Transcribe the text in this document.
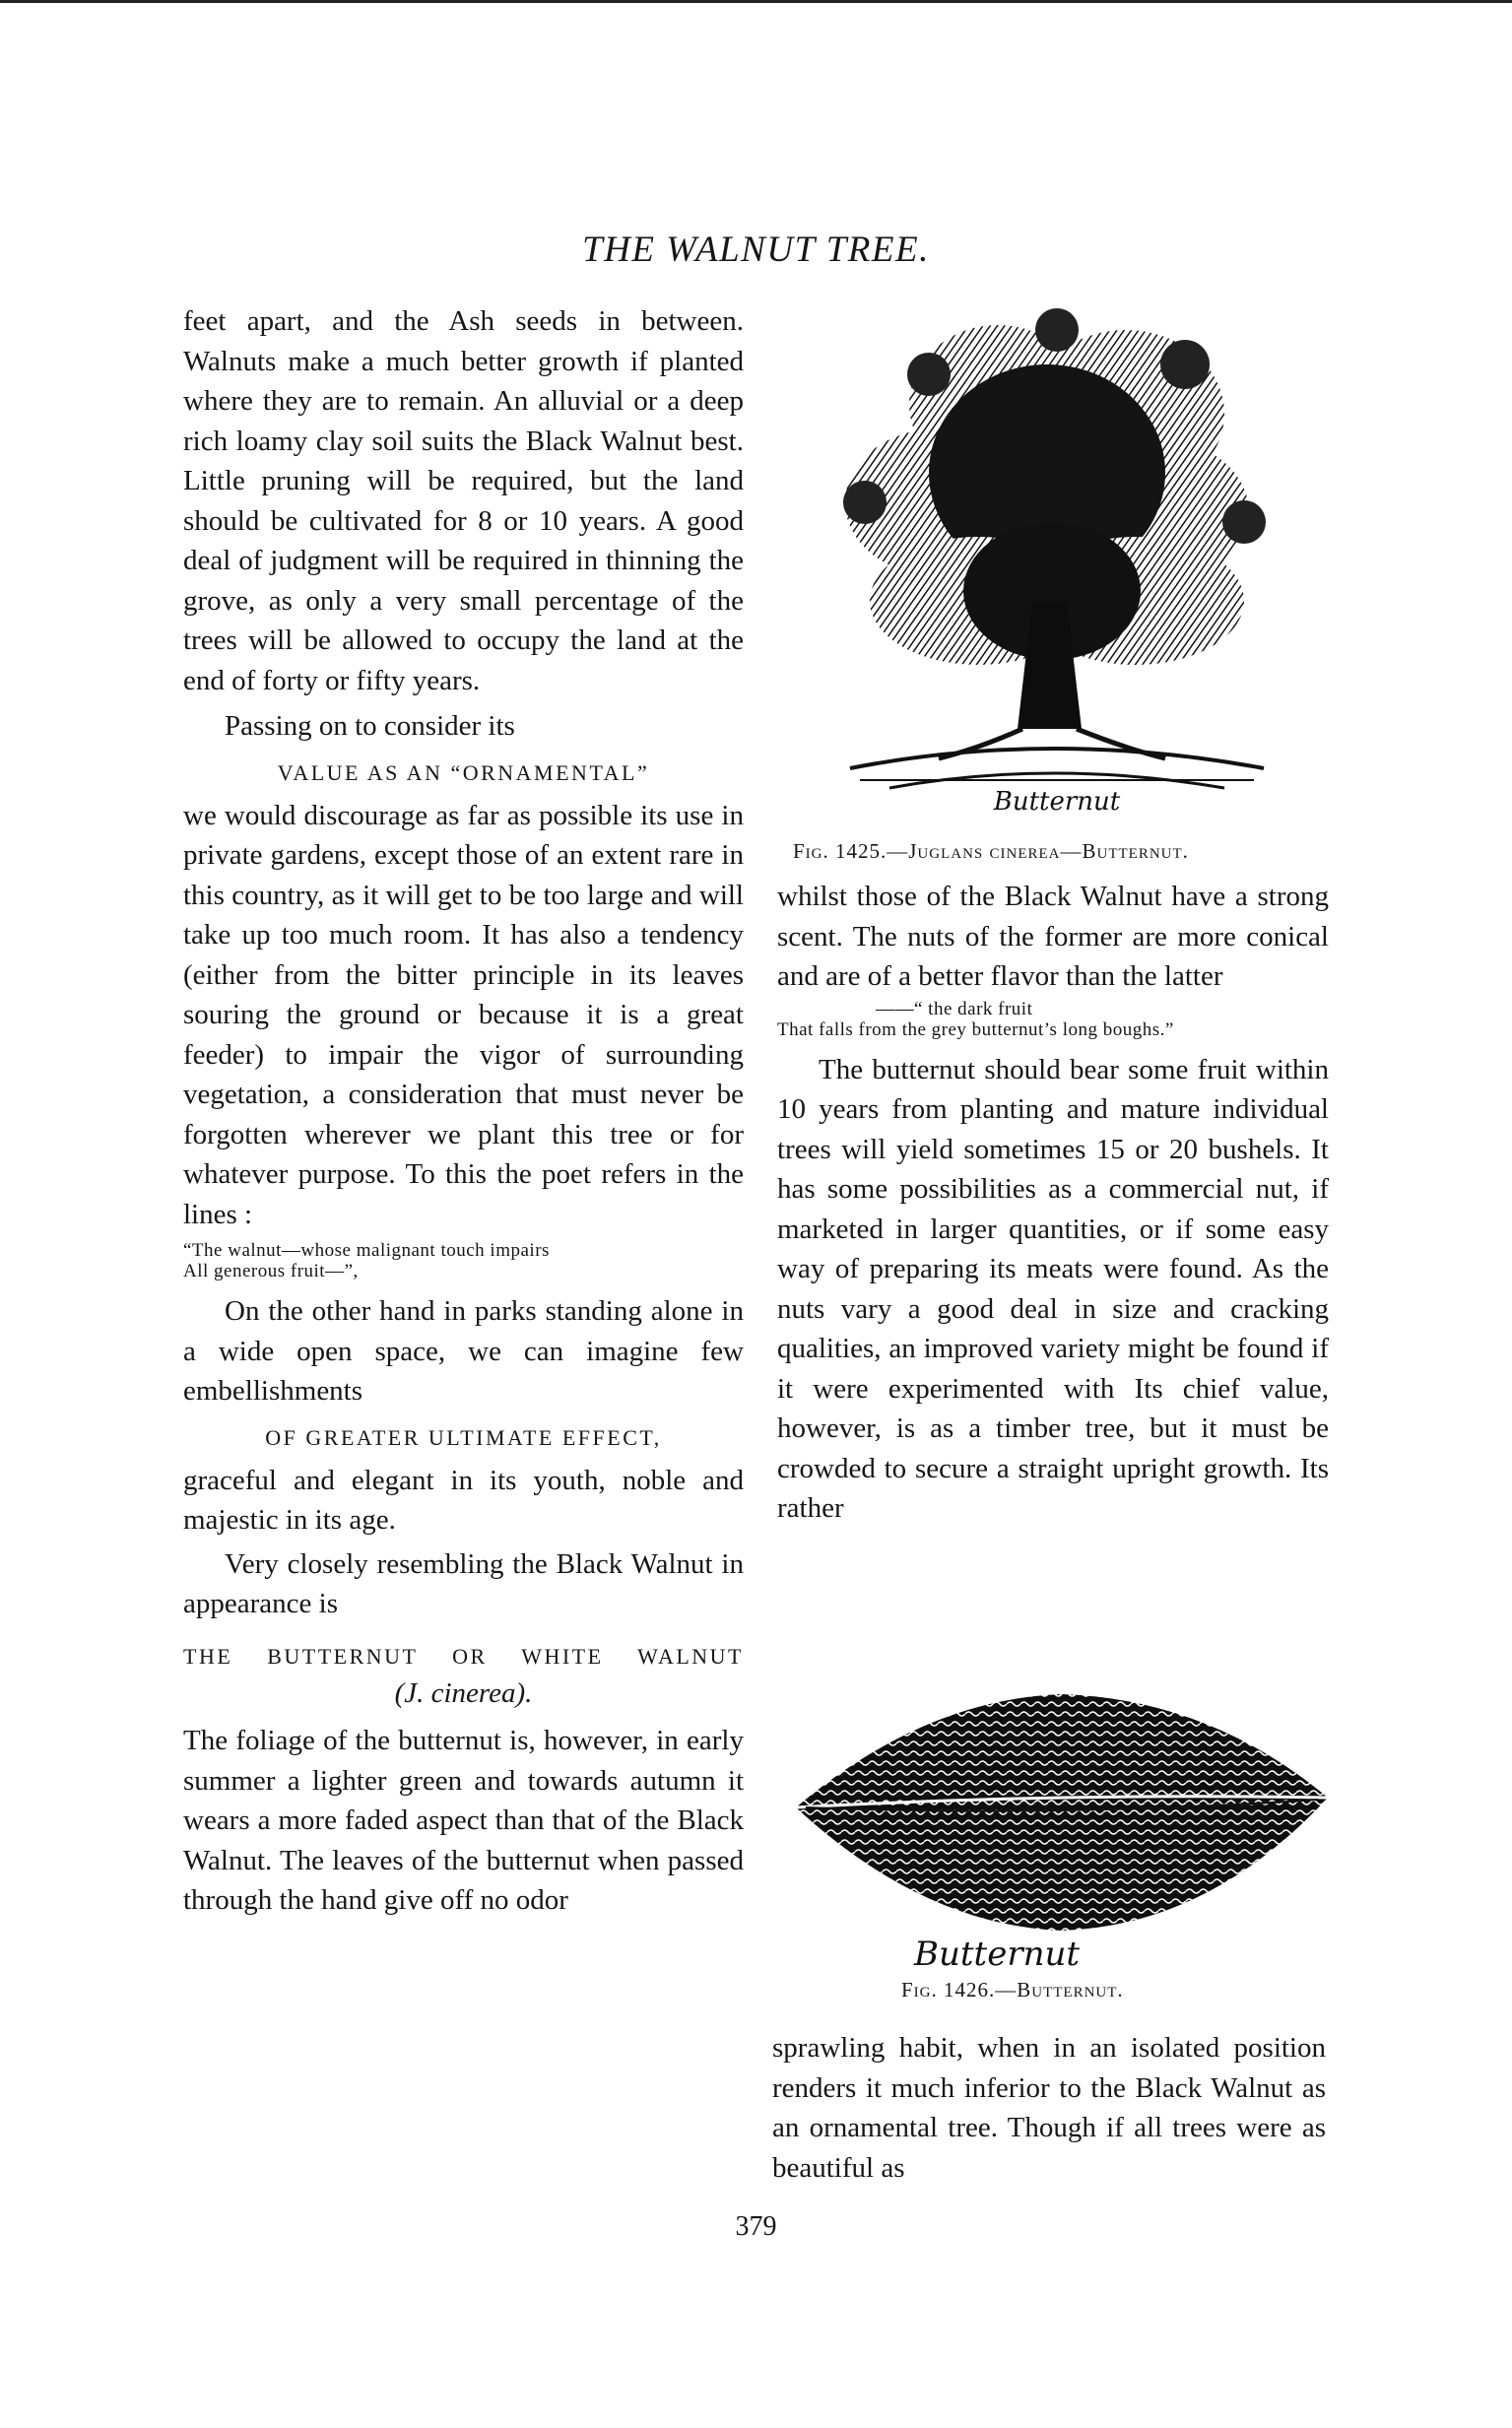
THE WALNUT TREE.

feet apart, and the Ash seeds in between. Walnuts make a much better growth if planted where they are to remain. An alluvial or a deep rich loamy clay soil suits the Black Walnut best. Little pruning will be required, but the land should be cultivated for 8 or 10 years. A good deal of judgment will be required in thinning the grove, as only a very small percentage of the trees will be allowed to occupy the land at the end of forty or fifty years.

Passing on to consider its

VALUE AS AN “ORNAMENTAL”

we would discourage as far as possible its use in private gardens, except those of an extent rare in this country, as it will get to be too large and will take up too much room. It has also a tendency (either from the bitter principle in its leaves souring the ground or because it is a great feeder) to impair the vigor of surrounding vegetation, a consideration that must never be forgotten wherever we plant this tree or for whatever purpose. To this the poet refers in the lines :

“The walnut—whose malignant touch impairs
All generous fruit—”,

On the other hand in parks standing alone in a wide open space, we can imagine few embellishments

OF GREATER ULTIMATE EFFECT,

graceful and elegant in its youth, noble and majestic in its age.

Very closely resembling the Black Walnut in appearance is

THE BUTTERNUT OR WHITE WALNUT
(J. cinerea).

The foliage of the butternut is, however, in early summer a lighter green and towards autumn it wears a more faded aspect than that of the Black Walnut. The leaves of the butternut when passed through the hand give off no odor

Butternut
Fig. 1425.—Juglans cinerea—Butternut.

whilst those of the Black Walnut have a strong scent. The nuts of the former are more conical and are of a better flavor than the latter

——“ the dark fruit
That falls from the grey butternut’s long boughs.”

The butternut should bear some fruit within 10 years from planting and mature individual trees will yield sometimes 15 or 20 bushels. It has some possibilities as a commercial nut, if marketed in larger quantities, or if some easy way of preparing its meats were found. As the nuts vary a good deal in size and cracking qualities, an improved variety might be found if it were experimented with Its chief value, however, is as a timber tree, but it must be crowded to secure a straight upright growth. Its rather

Butternut
Fig. 1426.—Butternut.

sprawling habit, when in an isolated position renders it much inferior to the Black Walnut as an ornamental tree. Though if all trees were as beautiful as

379
